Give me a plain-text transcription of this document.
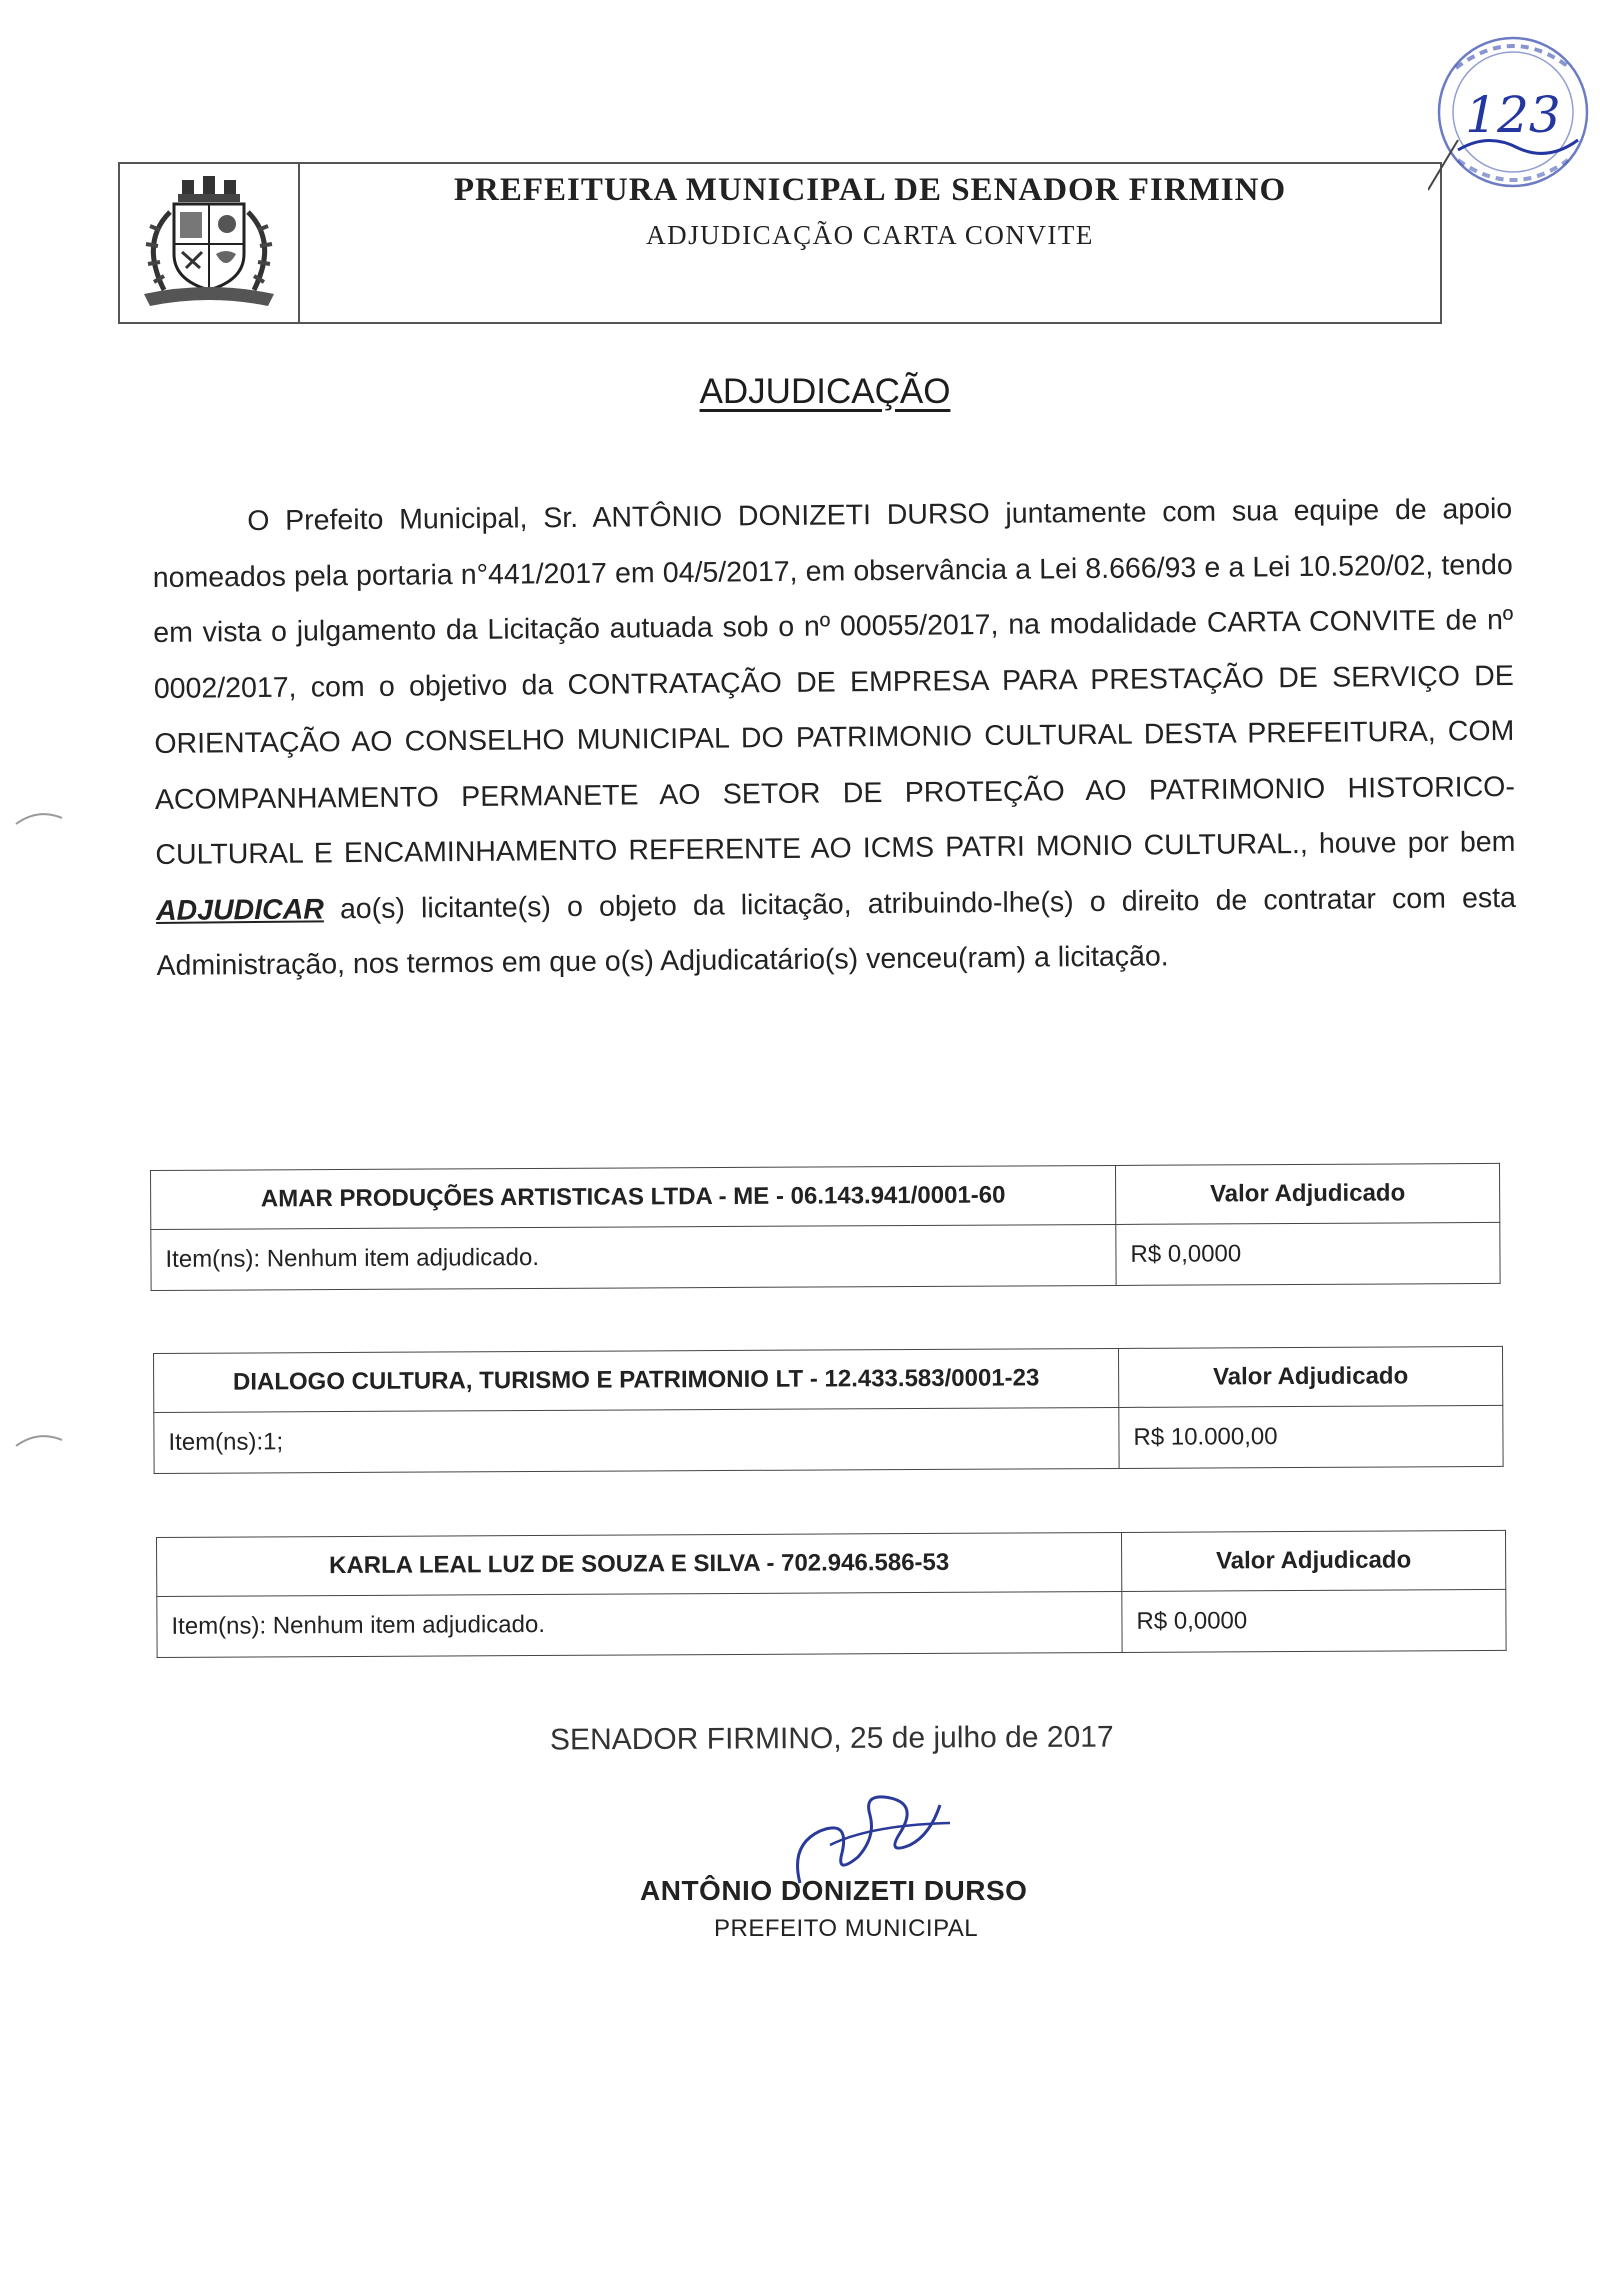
PREFEITURA MUNICIPAL DE SENADOR FIRMINO
ADJUDICAÇÃO CARTA CONVITE
123
ADJUDICAÇÃO

O Prefeito Municipal, Sr. ANTÔNIO DONIZETI DURSO juntamente com sua equipe de apoio nomeados pela portaria n°441/2017 em 04/5/2017, em observância a Lei 8.666/93 e a Lei 10.520/02, tendo em vista o julgamento da Licitação autuada sob o nº 00055/2017, na modalidade CARTA CONVITE de nº 0002/2017, com o objetivo da CONTRATAÇÃO DE EMPRESA PARA PRESTAÇÃO DE SERVIÇO DE ORIENTAÇÃO AO CONSELHO MUNICIPAL DO PATRIMONIO CULTURAL DESTA PREFEITURA, COM ACOMPANHAMENTO PERMANETE AO SETOR DE PROTEÇÃO AO PATRIMONIO HISTORICO-CULTURAL E ENCAMINHAMENTO REFERENTE AO ICMS PATRI MONIO CULTURAL., houve por bem ADJUDICAR ao(s) licitante(s) o objeto da licitação, atribuindo-lhe(s) o direito de contratar com esta Administração, nos termos em que o(s) Adjudicatário(s) venceu(ram) a licitação.

AMAR PRODUÇÕES ARTISTICAS LTDA - ME - 06.143.941/0001-60	Valor Adjudicado
Item(ns): Nenhum item adjudicado.	R$ 0,0000
DIALOGO CULTURA, TURISMO E PATRIMONIO LT - 12.433.583/0001-23	Valor Adjudicado
Item(ns):1;	R$ 10.000,00
KARLA LEAL LUZ DE SOUZA E SILVA - 702.946.586-53	Valor Adjudicado
Item(ns): Nenhum item adjudicado.	R$ 0,0000
SENADOR FIRMINO, 25 de julho de 2017
ANTÔNIO DONIZETI DURSO
PREFEITO MUNICIPAL
